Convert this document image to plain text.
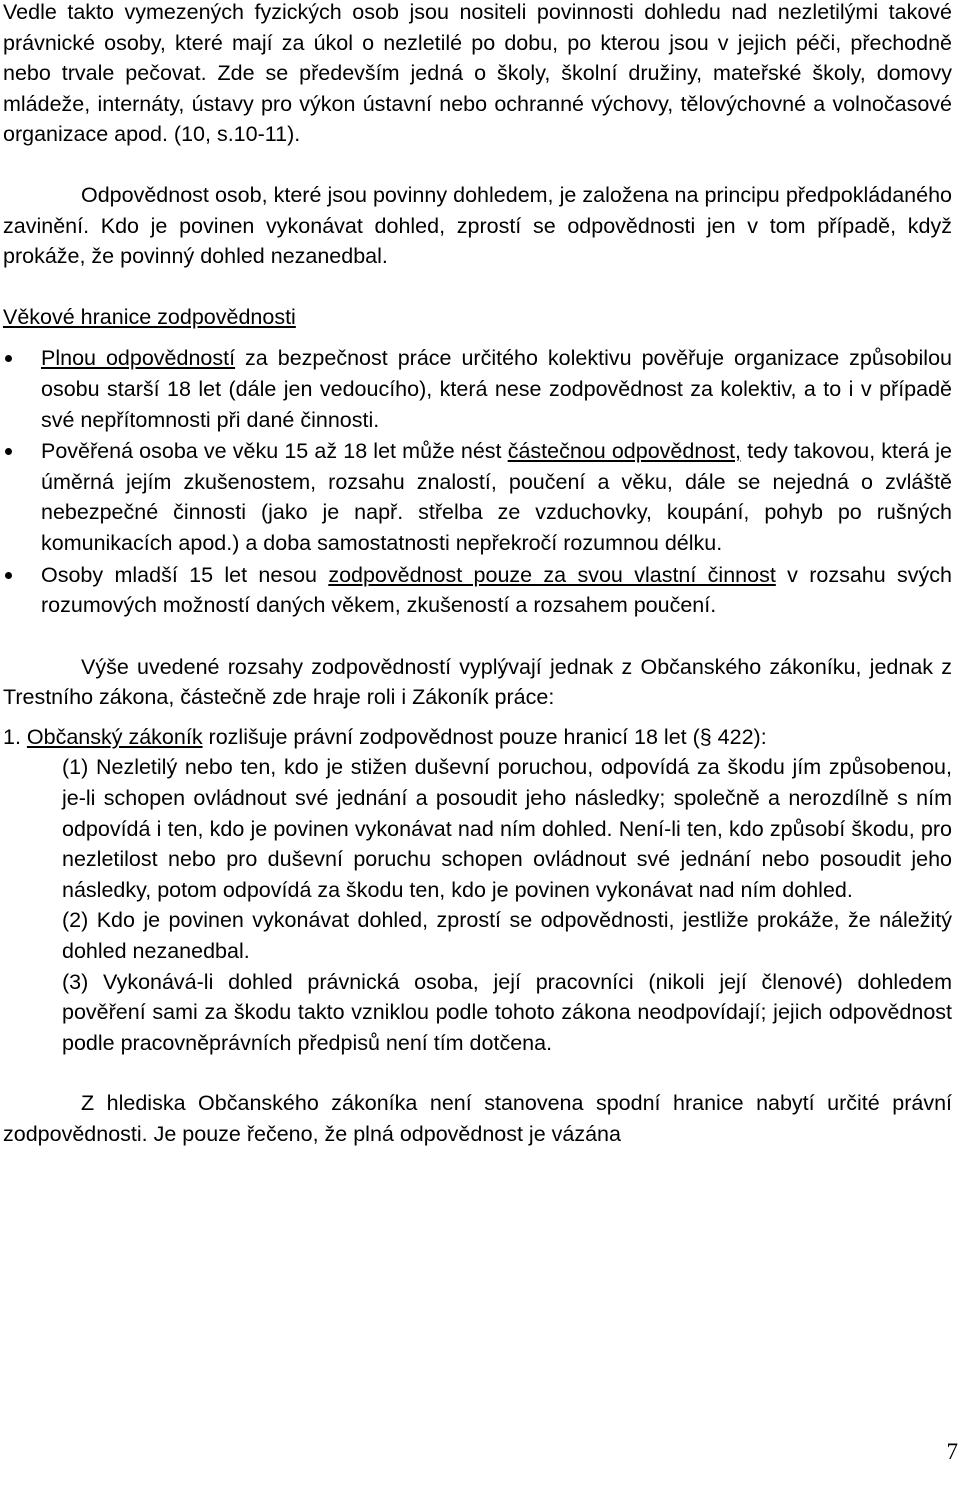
Vedle takto vymezených fyzických osob jsou nositeli povinnosti dohledu nad nezletilými takové právnické osoby, které mají za úkol o nezletilé po dobu, po kterou jsou v jejich péči, přechodně nebo trvale pečovat. Zde se především jedná o školy, školní družiny, mateřské školy, domovy mládeže, internáty, ústavy pro výkon ústavní nebo ochranné výchovy, tělovýchovné a volnočasové organizace apod. (10, s.10-11).

Odpovědnost osob, které jsou povinny dohledem, je založena na principu předpokládaného zavinění. Kdo je povinen vykonávat dohled, zprostí se odpovědnosti jen v tom případě, když prokáže, že povinný dohled nezanedbal.

Věkové hranice zodpovědnosti

Plnou odpovědností za bezpečnost práce určitého kolektivu pověřuje organizace způsobilou osobu starší 18 let (dále jen vedoucího), která nese zodpovědnost za kolektiv, a to i v případě své nepřítomnosti při dané činnosti.
Pověřená osoba ve věku 15 až 18 let může nést částečnou odpovědnost, tedy takovou, která je úměrná jejím zkušenostem, rozsahu znalostí, poučení a věku, dále se nejedná o zvláště nebezpečné činnosti (jako je např. střelba ze vzduchovky, koupání, pohyb po rušných komunikacích apod.) a doba samostatnosti nepřekročí rozumnou délku.
Osoby mladší 15 let nesou zodpovědnost pouze za svou vlastní činnost v rozsahu svých rozumových možností daných věkem, zkušeností a rozsahem poučení.

Výše uvedené rozsahy zodpovědností vyplývají jednak z Občanského zákoníku, jednak z Trestního zákona, částečně zde hraje roli i Zákoník práce:

1. Občanský zákoník rozlišuje právní zodpovědnost pouze hranicí 18 let (§ 422):

(1) Nezletilý nebo ten, kdo je stižen duševní poruchou, odpovídá za škodu jím způsobenou, je-li schopen ovládnout své jednání a posoudit jeho následky; společně a nerozdílně s ním odpovídá i ten, kdo je povinen vykonávat nad ním dohled. Není-li ten, kdo způsobí škodu, pro nezletilost nebo pro duševní poruchu schopen ovládnout své jednání nebo posoudit jeho následky, potom odpovídá za škodu ten, kdo je povinen vykonávat nad ním dohled.

(2) Kdo je povinen vykonávat dohled, zprostí se odpovědnosti, jestliže prokáže, že náležitý dohled nezanedbal.

(3) Vykonává-li dohled právnická osoba, její pracovníci (nikoli její členové) dohledem pověření sami za škodu takto vzniklou podle tohoto zákona neodpovídají; jejich odpovědnost podle pracovněprávních předpisů není tím dotčena.

Z hlediska Občanského zákoníka není stanovena spodní hranice nabytí určité právní zodpovědnosti. Je pouze řečeno, že plná odpovědnost je vázána

7
